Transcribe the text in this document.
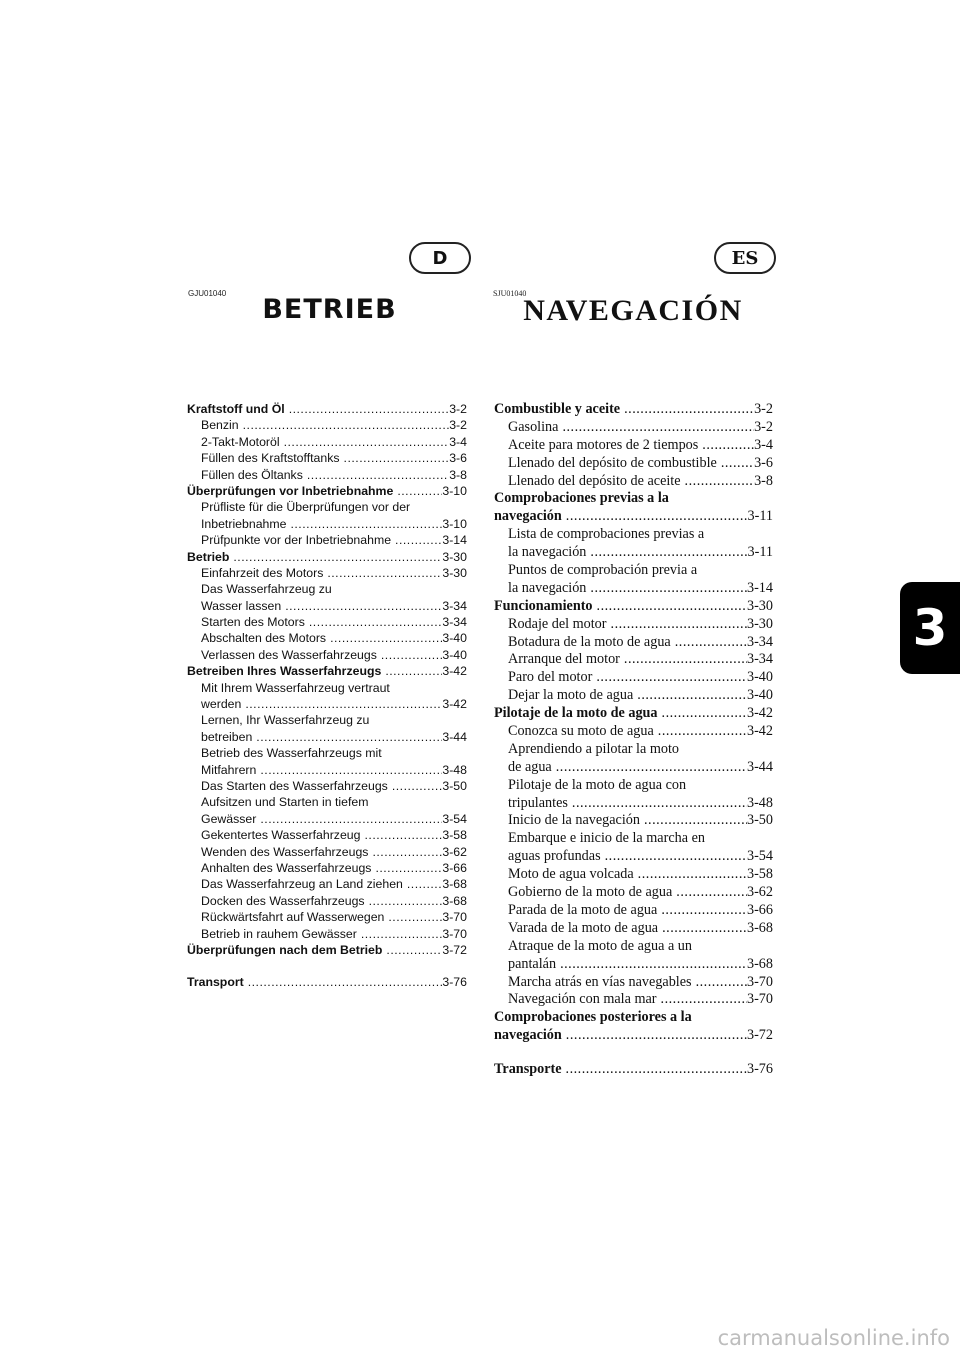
D	ES
GJU01040	SJU01040
BETRIEB	NAVEGACIÓN
Kraftstoff und Öl .....	3-2
Benzin .....	3-2
2-Takt-Motoröl .....	3-4
Füllen des Kraftstofftanks .....	3-6
Füllen des Öltanks .....	3-8
Überprüfungen vor Inbetriebnahme .....	3-10
Prüfliste für die Überprüfungen vor der
Inbetriebnahme .....	3-10
Prüfpunkte vor der Inbetriebnahme .....	3-14
Betrieb .....	3-30
Einfahrzeit des Motors .....	3-30
Das Wasserfahrzeug zu
Wasser lassen .....	3-34
Starten des Motors .....	3-34
Abschalten des Motors .....	3-40
Verlassen des Wasserfahrzeugs .....	3-40
Betreiben Ihres Wasserfahrzeugs .....	3-42
Mit Ihrem Wasserfahrzeug vertraut
werden .....	3-42
Lernen, Ihr Wasserfahrzeug zu
betreiben .....	3-44
Betrieb des Wasserfahrzeugs mit
Mitfahrern .....	3-48
Das Starten des Wasserfahrzeugs .....	3-50
Aufsitzen und Starten in tiefem
Gewässer .....	3-54
Gekentertes Wasserfahrzeug .....	3-58
Wenden des Wasserfahrzeugs .....	3-62
Anhalten des Wasserfahrzeugs .....	3-66
Das Wasserfahrzeug an Land ziehen .....	3-68
Docken des Wasserfahrzeugs .....	3-68
Rückwärtsfahrt auf Wasserwegen .....	3-70
Betrieb in rauhem Gewässer .....	3-70
Überprüfungen nach dem Betrieb .....	3-72
Transport .....	3-76
Combustible y aceite .....	3-2
Gasolina .....	3-2
Aceite para motores de 2 tiempos .....	3-4
Llenado del depósito de combustible .....	3-6
Llenado del depósito de aceite .....	3-8
Comprobaciones previas a la
navegación .....	3-11
Lista de comprobaciones previas a
la navegación .....	3-11
Puntos de comprobación previa a
la navegación .....	3-14
Funcionamiento .....	3-30
Rodaje del motor .....	3-30
Botadura de la moto de agua .....	3-34
Arranque del motor .....	3-34
Paro del motor .....	3-40
Dejar la moto de agua .....	3-40
Pilotaje de la moto de agua .....	3-42
Conozca su moto de agua .....	3-42
Aprendiendo a pilotar la moto
de agua .....	3-44
Pilotaje de la moto de agua con
tripulantes .....	3-48
Inicio de la navegación .....	3-50
Embarque e inicio de la marcha en
aguas profundas .....	3-54
Moto de agua volcada .....	3-58
Gobierno de la moto de agua .....	3-62
Parada de la moto de agua .....	3-66
Varada de la moto de agua .....	3-68
Atraque de la moto de agua a un
pantalán .....	3-68
Marcha atrás en vías navegables .....	3-70
Navegación con mala mar .....	3-70
Comprobaciones posteriores a la
navegación .....	3-72
Transporte .....	3-76
3
carmanualsonline.info
